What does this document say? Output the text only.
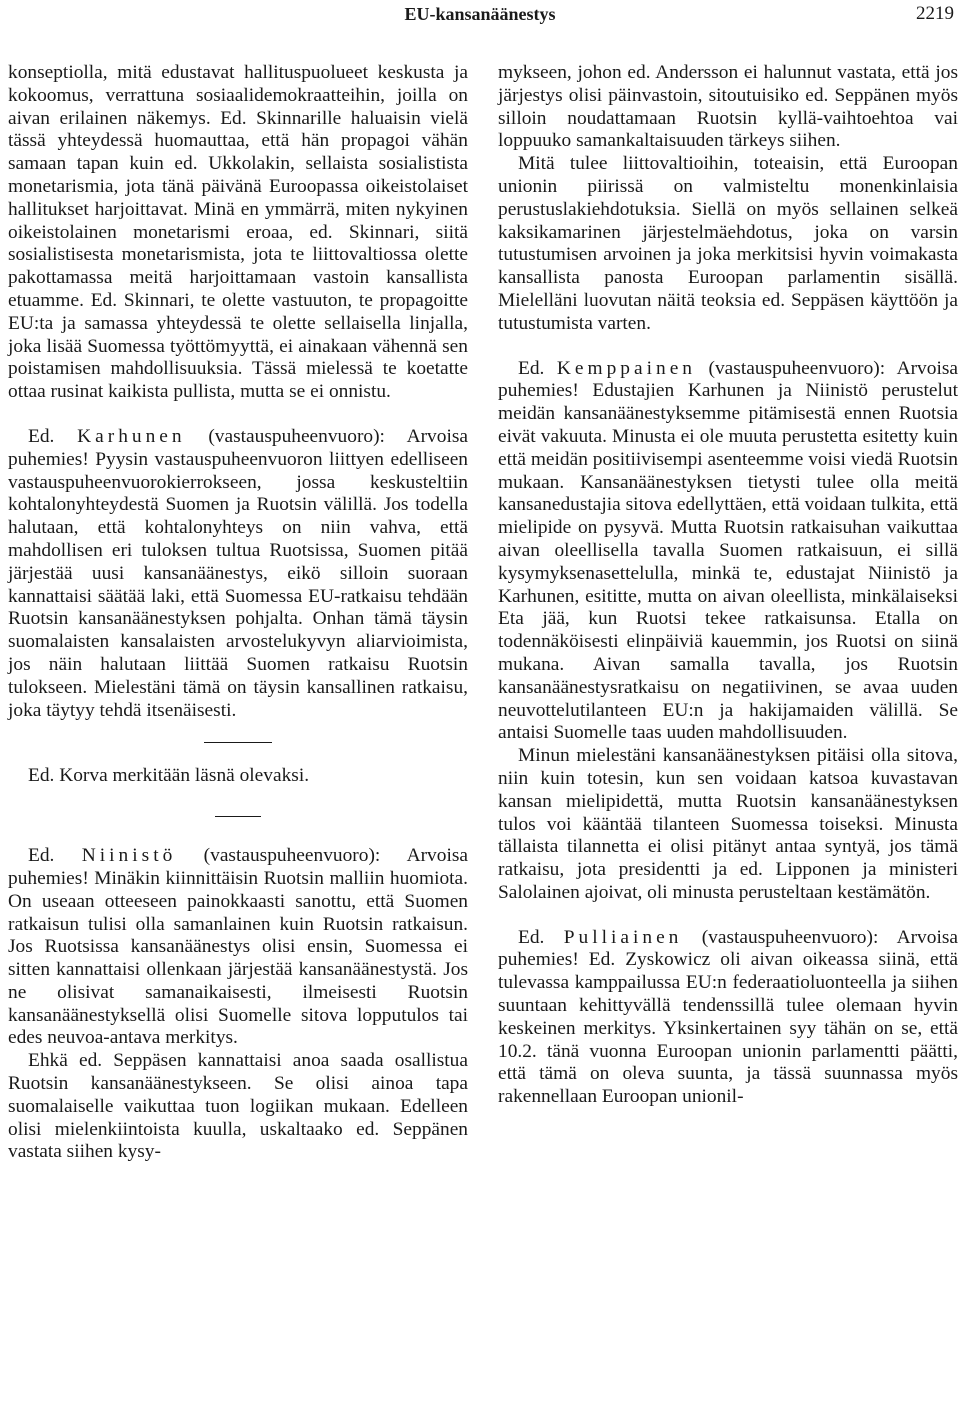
EU-kansanäänestys	2219

konseptiolla, mitä edustavat hallituspuolueet keskusta ja kokoomus, verrattuna sosiaalidemokraatteihin, joilla on aivan erilainen näkemys. Ed. Skinnarille haluaisin vielä tässä yhteydessä huomauttaa, että hän propagoi vähän samaan tapan kuin ed. Ukkolakin, sellaista sosialistista monetarismia, jota tänä päivänä Euroopassa oikeistolaiset hallitukset harjoittavat. Minä en ymmärrä, miten nykyinen oikeistolainen monetarismi eroaa, ed. Skinnari, siitä sosialistisesta monetarismista, jota te liittovaltiossa olette pakottamassa meitä harjoittamaan vastoin kansallista etuamme. Ed. Skinnari, te olette vastuuton, te propagoitte EU:ta ja samassa yhteydessä te olette sellaisella linjalla, joka lisää Suomessa työttömyyttä, ei ainakaan vähennä sen poistamisen mahdollisuuksia. Tässä mielessä te koetatte ottaa rusinat kaikista pullista, mutta se ei onnistu.

Ed. Karhunen (vastauspuheenvuoro): Arvoisa puhemies! Pyysin vastauspuheenvuoron liittyen edelliseen vastauspuheenvuorokierrokseen, jossa keskusteltiin kohtalonyhteydestä Suomen ja Ruotsin välillä. Jos todella halutaan, että kohtalonyhteys on niin vahva, että mahdollisen eri tuloksen tultua Ruotsissa, Suomen pitää järjestää uusi kansanäänestys, eikö silloin suoraan kannattaisi säätää laki, että Suomessa EU-ratkaisu tehdään Ruotsin kansanäänestyksen pohjalta. Onhan tämä täysin suomalaisten kansalaisten arvostelukyvyn aliarvioimista, jos näin halutaan liittää Suomen ratkaisu Ruotsin tulokseen. Mielestäni tämä on täysin kansallinen ratkaisu, joka täytyy tehdä itsenäisesti.

Ed. Korva merkitään läsnä olevaksi.

Ed. Niinistö (vastauspuheenvuoro): Arvoisa puhemies! Minäkin kiinnittäisin Ruotsin malliin huomiota. On useaan otteeseen painokkaasti sanottu, että Suomen ratkaisun tulisi olla samanlainen kuin Ruotsin ratkaisun. Jos Ruotsissa kansanäänestys olisi ensin, Suomessa ei sitten kannattaisi ollenkaan järjestää kansanäänestystä. Jos ne olisivat samanaikaisesti, ilmeisesti Ruotsin kansanäänestyksellä olisi Suomelle sitova lopputulos tai edes neuvoa-antava merkitys.

Ehkä ed. Seppäsen kannattaisi anoa saada osallistua Ruotsin kansanäänestykseen. Se olisi ainoa tapa suomalaiselle vaikuttaa tuon logiikan mukaan. Edelleen olisi mielenkiintoista kuulla, uskaltaako ed. Seppänen vastata siihen kysy-

mykseen, johon ed. Andersson ei halunnut vastata, että jos järjestys olisi päinvastoin, sitoutuisiko ed. Seppänen myös silloin noudattamaan Ruotsin kyllä-vaihtoehtoa vai loppuuko samankaltaisuuden tärkeys siihen.

Mitä tulee liittovaltioihin, toteaisin, että Euroopan unionin piirissä on valmisteltu monenkinlaisia perustuslakiehdotuksia. Siellä on myös sellainen selkeä kaksikamarinen järjestelmäehdotus, joka on varsin tutustumisen arvoinen ja joka merkitsisi hyvin voimakasta kansallista panosta Euroopan parlamentin sisällä. Mielelläni luovutan näitä teoksia ed. Seppäsen käyttöön ja tutustumista varten.

Ed. Kemppainen (vastauspuheenvuoro): Arvoisa puhemies! Edustajien Karhunen ja Niinistö perustelut meidän kansanäänestyksemme pitämisestä ennen Ruotsia eivät vakuuta. Minusta ei ole muuta perustetta esitetty kuin että meidän positiivisempi asenteemme voisi viedä Ruotsin mukaan. Kansanäänestyksen tietysti tulee olla meitä kansanedustajia sitova edellyttäen, että voidaan tulkita, että mielipide on pysyvä. Mutta Ruotsin ratkaisuhan vaikuttaa aivan oleellisella tavalla Suomen ratkaisuun, ei sillä kysymyksenasettelulla, minkä te, edustajat Niinistö ja Karhunen, esititte, mutta on aivan oleellista, minkälaiseksi Eta jää, kun Ruotsi tekee ratkaisunsa. Etalla on todennäköisesti elinpäiviä kauemmin, jos Ruotsi on siinä mukana. Aivan samalla tavalla, jos Ruotsin kansanäänestysratkaisu on negatiivinen, se avaa uuden neuvottelutilanteen EU:n ja hakijamaiden välillä. Se antaisi Suomelle taas uuden mahdollisuuden.

Minun mielestäni kansanäänestyksen pitäisi olla sitova, niin kuin totesin, kun sen voidaan katsoa kuvastavan kansan mielipidettä, mutta Ruotsin kansanäänestyksen tulos voi kääntää tilanteen Suomessa toiseksi. Minusta tällaista tilannetta ei olisi pitänyt antaa syntyä, jos tämä ratkaisu, jota presidentti ja ed. Lipponen ja ministeri Salolainen ajoivat, oli minusta perusteltaan kestämätön.

Ed. Pulliainen (vastauspuheenvuoro): Arvoisa puhemies! Ed. Zyskowicz oli aivan oikeassa siinä, että tulevassa kamppailussa EU:n federaatioluonteella ja siihen suuntaan kehittyvällä tendenssillä tulee olemaan hyvin keskeinen merkitys. Yksinkertainen syy tähän on se, että 10.2. tänä vuonna Euroopan unionin parlamentti päätti, että tämä on oleva suunta, ja tässä suunnassa myös rakennellaan Euroopan unionil-
